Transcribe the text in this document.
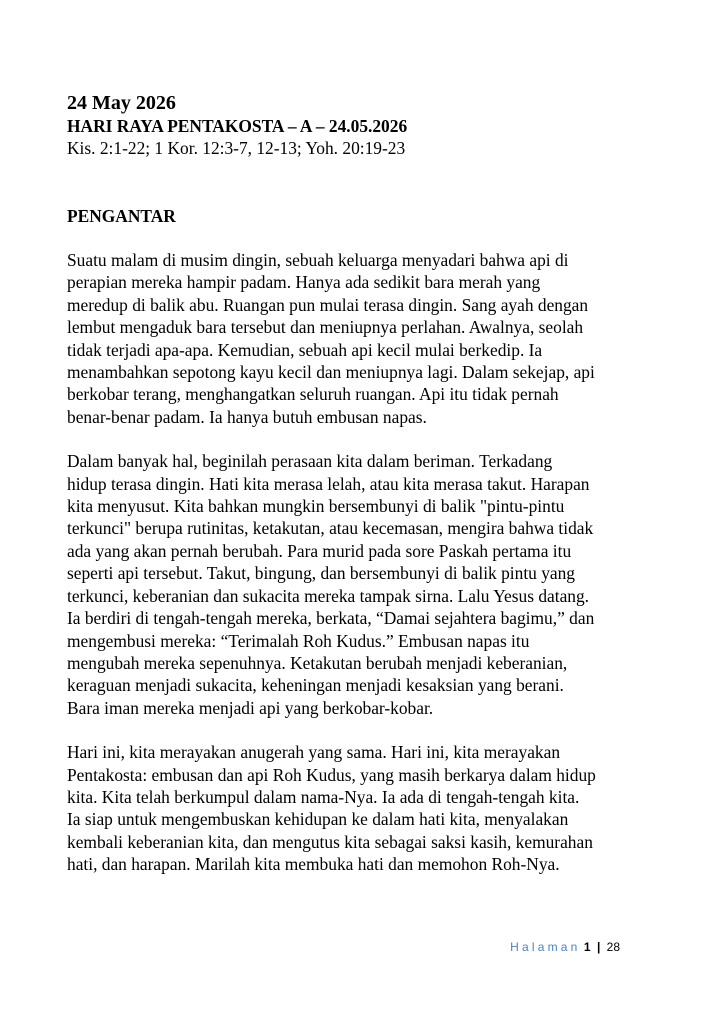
24 May 2026
HARI RAYA PENTAKOSTA – A – 24.05.2026
Kis. 2:1-22; 1 Kor. 12:3-7, 12-13; Yoh. 20:19-23
PENGANTAR
Suatu malam di musim dingin, sebuah keluarga menyadari bahwa api di
perapian mereka hampir padam. Hanya ada sedikit bara merah yang
meredup di balik abu. Ruangan pun mulai terasa dingin. Sang ayah dengan
lembut mengaduk bara tersebut dan meniupnya perlahan. Awalnya, seolah
tidak terjadi apa-apa. Kemudian, sebuah api kecil mulai berkedip. Ia
menambahkan sepotong kayu kecil dan meniupnya lagi. Dalam sekejap, api
berkobar terang, menghangatkan seluruh ruangan. Api itu tidak pernah
benar-benar padam. Ia hanya butuh embusan napas.
Dalam banyak hal, beginilah perasaan kita dalam beriman. Terkadang
hidup terasa dingin. Hati kita merasa lelah, atau kita merasa takut. Harapan
kita menyusut. Kita bahkan mungkin bersembunyi di balik "pintu-pintu
terkunci" berupa rutinitas, ketakutan, atau kecemasan, mengira bahwa tidak
ada yang akan pernah berubah. Para murid pada sore Paskah pertama itu
seperti api tersebut. Takut, bingung, dan bersembunyi di balik pintu yang
terkunci, keberanian dan sukacita mereka tampak sirna. Lalu Yesus datang.
Ia berdiri di tengah-tengah mereka, berkata, “Damai sejahtera bagimu,” dan
mengembusi mereka: “Terimalah Roh Kudus.” Embusan napas itu
mengubah mereka sepenuhnya. Ketakutan berubah menjadi keberanian,
keraguan menjadi sukacita, keheningan menjadi kesaksian yang berani.
Bara iman mereka menjadi api yang berkobar-kobar.
Hari ini, kita merayakan anugerah yang sama. Hari ini, kita merayakan
Pentakosta: embusan dan api Roh Kudus, yang masih berkarya dalam hidup
kita. Kita telah berkumpul dalam nama-Nya. Ia ada di tengah-tengah kita.
Ia siap untuk mengembuskan kehidupan ke dalam hati kita, menyalakan
kembali keberanian kita, dan mengutus kita sebagai saksi kasih, kemurahan
hati, dan harapan. Marilah kita membuka hati dan memohon Roh-Nya.
Halaman 1 | 28
